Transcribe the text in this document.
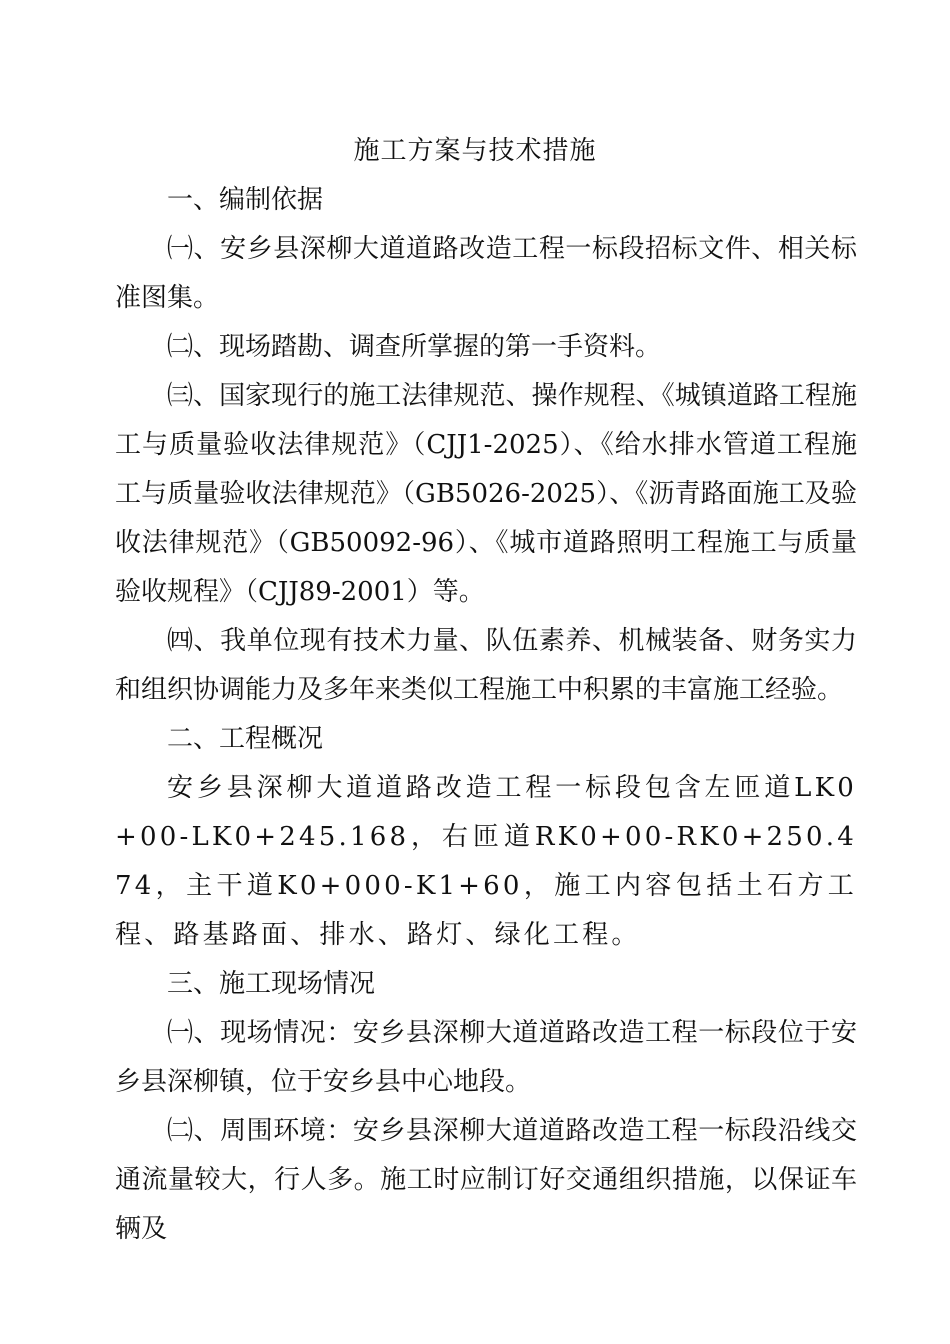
施工方案与技术措施

一、编制依据

㈠、安乡县深柳大道道路改造工程一标段招标文件、相关标准图集。

㈡、现场踏勘、调查所掌握的第一手资料。

㈢、国家现行的施工法律规范、操作规程、《城镇道路工程施工与质量验收法律规范》（CJJ1-2025）、《给水排水管道工程施工与质量验收法律规范》（GB5026-2025）、《沥青路面施工及验收法律规范》（GB50092-96）、《城市道路照明工程施工与质量验收规程》（CJJ89-2001）等。

㈣、我单位现有技术力量、队伍素养、机械装备、财务实力和组织协调能力及多年来类似工程施工中积累的丰富施工经验。

二、工程概况

安乡县深柳大道道路改造工程一标段包含左匝道LK0+00-LK0+245.168，右匝道RK0+00-RK0+250.474，主干道K0+000-K1+60，施工内容包括土石方工程、路基路面、排水、路灯、绿化工程。

三、施工现场情况

㈠、现场情况：安乡县深柳大道道路改造工程一标段位于安乡县深柳镇，位于安乡县中心地段。

㈡、周围环境：安乡县深柳大道道路改造工程一标段沿线交通流量较大，行人多。施工时应制订好交通组织措施，以保证车辆及
